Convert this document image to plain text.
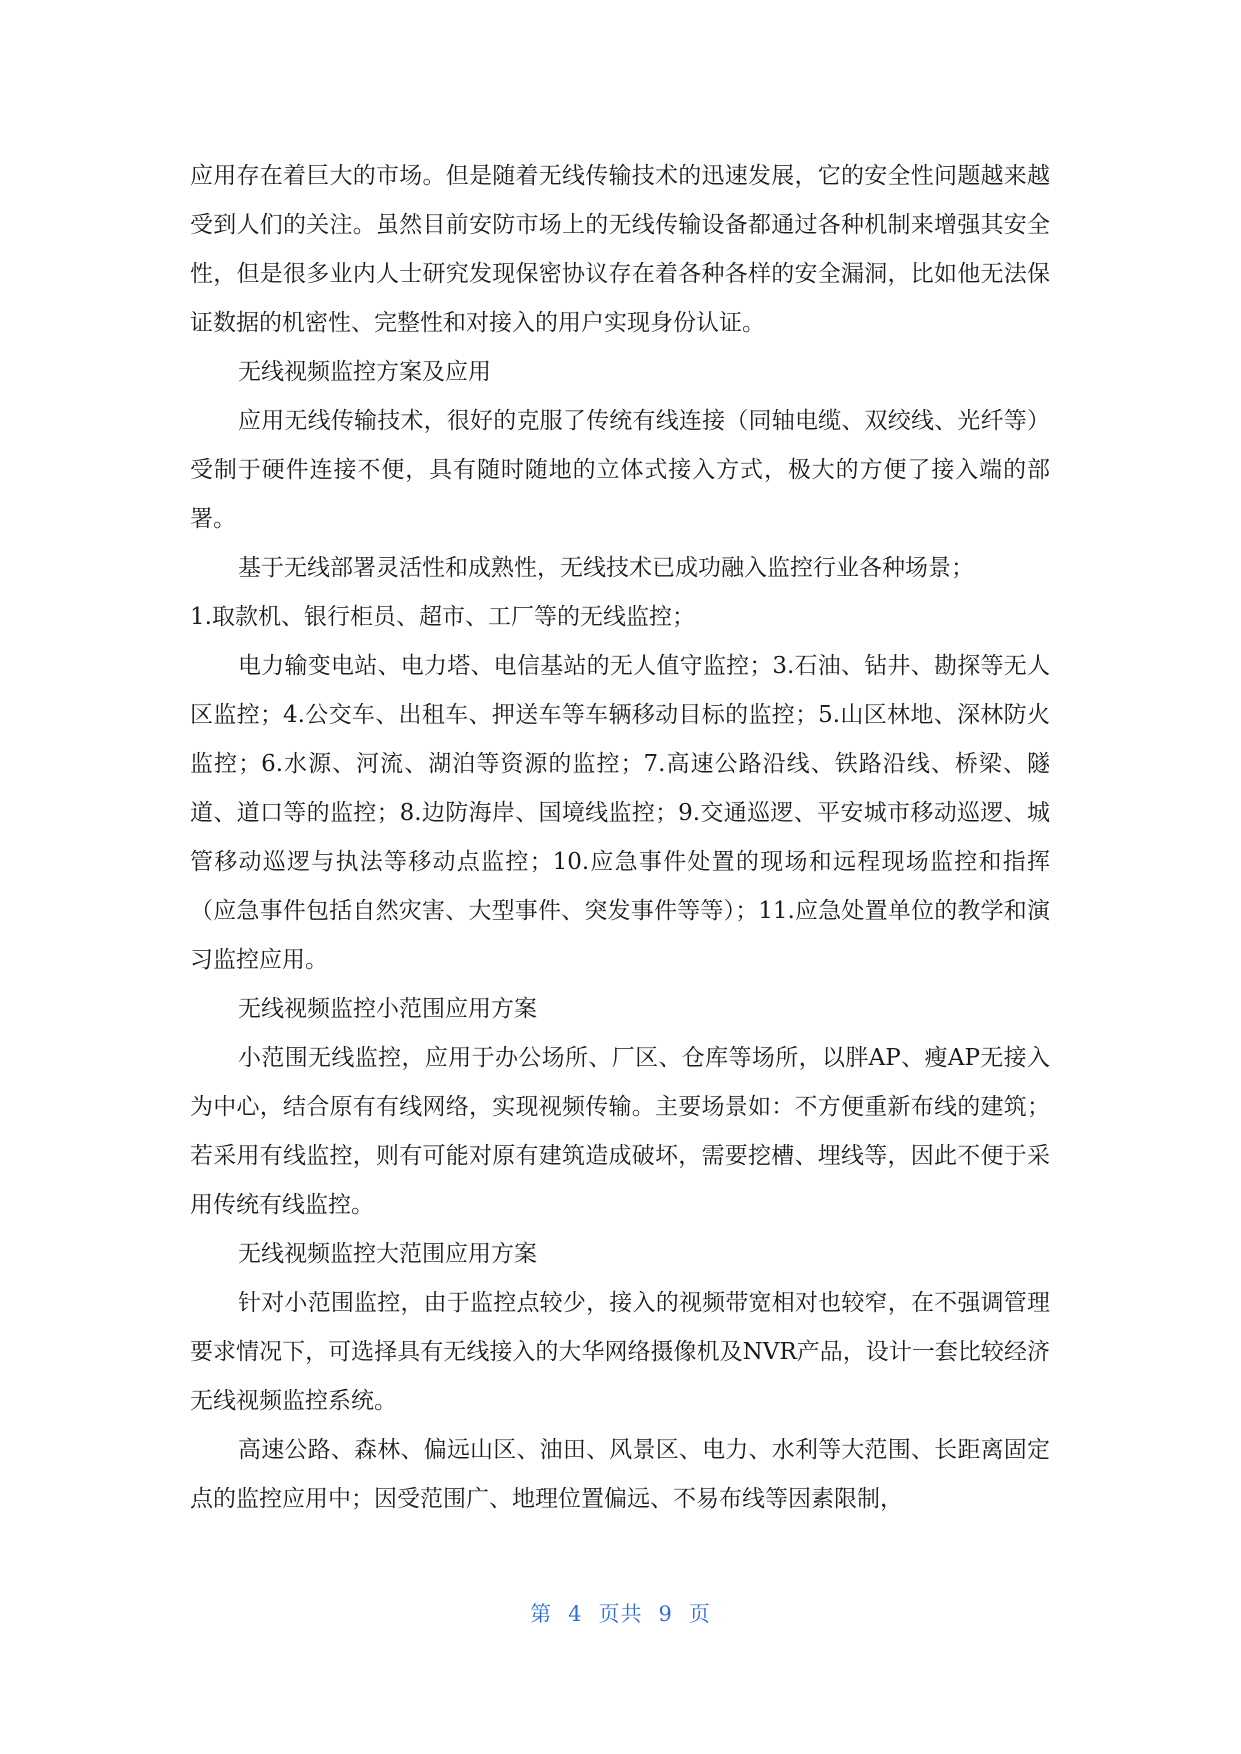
应用存在着巨大的市场。但是随着无线传输技术的迅速发展，它的安全性问题越来越受到人们的关注。虽然目前安防市场上的无线传输设备都通过各种机制来增强其安全性，但是很多业内人士研究发现保密协议存在着各种各样的安全漏洞，比如他无法保证数据的机密性、完整性和对接入的用户实现身份认证。

无线视频监控方案及应用

应用无线传输技术，很好的克服了传统有线连接（同轴电缆、双绞线、光纤等）受制于硬件连接不便，具有随时随地的立体式接入方式，极大的方便了接入端的部署。

基于无线部署灵活性和成熟性，无线技术已成功融入监控行业各种场景；

1.取款机、银行柜员、超市、工厂等的无线监控；

电力输变电站、电力塔、电信基站的无人值守监控；3.石油、钻井、勘探等无人区监控；4.公交车、出租车、押送车等车辆移动目标的监控；5.山区林地、深林防火监控；6.水源、河流、湖泊等资源的监控；7.高速公路沿线、铁路沿线、桥梁、隧道、道口等的监控；8.边防海岸、国境线监控；9.交通巡逻、平安城市移动巡逻、城管移动巡逻与执法等移动点监控；10.应急事件处置的现场和远程现场监控和指挥（应急事件包括自然灾害、大型事件、突发事件等等）；11.应急处置单位的教学和演习监控应用。

无线视频监控小范围应用方案

小范围无线监控，应用于办公场所、厂区、仓库等场所，以胖AP、瘦AP无接入为中心，结合原有有线网络，实现视频传输。主要场景如：不方便重新布线的建筑；若采用有线监控，则有可能对原有建筑造成破坏，需要挖槽、埋线等，因此不便于采用传统有线监控。

无线视频监控大范围应用方案

针对小范围监控，由于监控点较少，接入的视频带宽相对也较窄，在不强调管理要求情况下，可选择具有无线接入的大华网络摄像机及NVR产品，设计一套比较经济无线视频监控系统。

高速公路、森林、偏远山区、油田、风景区、电力、水利等大范围、长距离固定点的监控应用中；因受范围广、地理位置偏远、不易布线等因素限制，

第 4 页共 9 页
